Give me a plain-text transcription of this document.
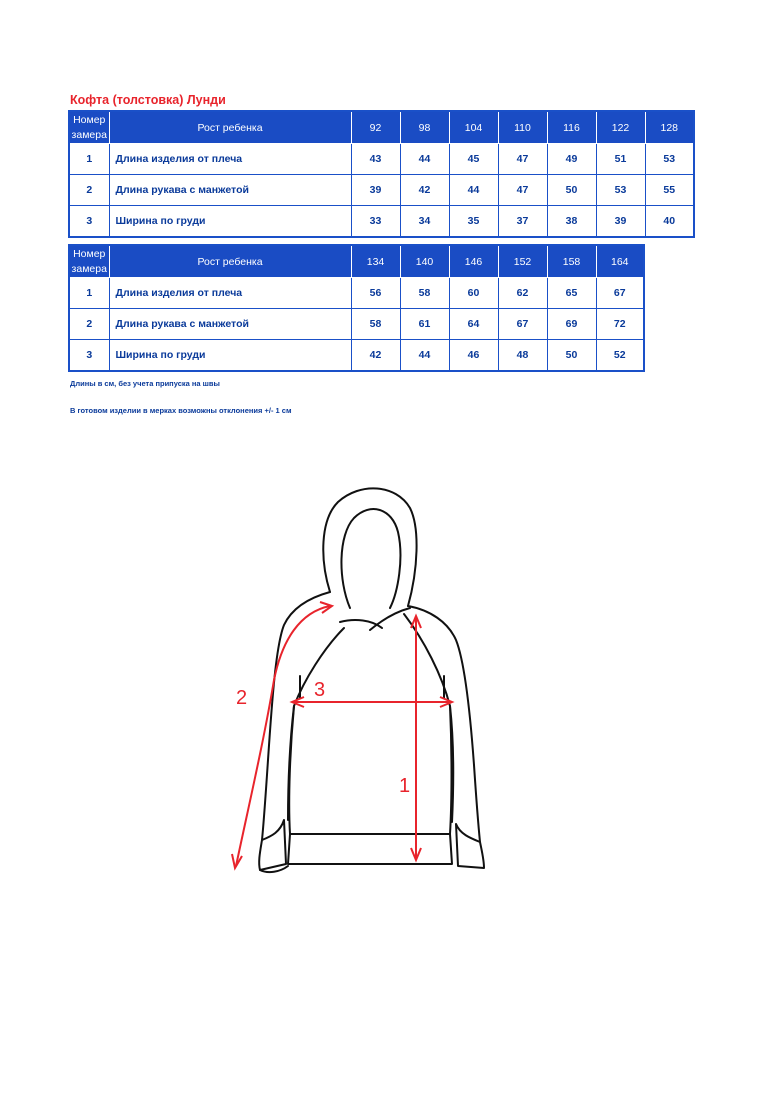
Кофта (толстовка) Лунди
Номер
замера	Рост ребенка	92	98	104	110	116	122	128
1	Длина изделия от плеча	43	44	45	47	49	51	53
2	Длина рукава с манжетой	39	42	44	47	50	53	55
3	Ширина по груди	33	34	35	37	38	39	40
Номер
замера	Рост ребенка	134	140	146	152	158	164
1	Длина изделия от плеча	56	58	60	62	65	67
2	Длина рукава с манжетой	58	61	64	67	69	72
3	Ширина по груди	42	44	46	48	50	52
Длины в см, без учета припуска на швы
В готовом изделии в мерках возможны отклонения +/- 1 см
1
2	3
